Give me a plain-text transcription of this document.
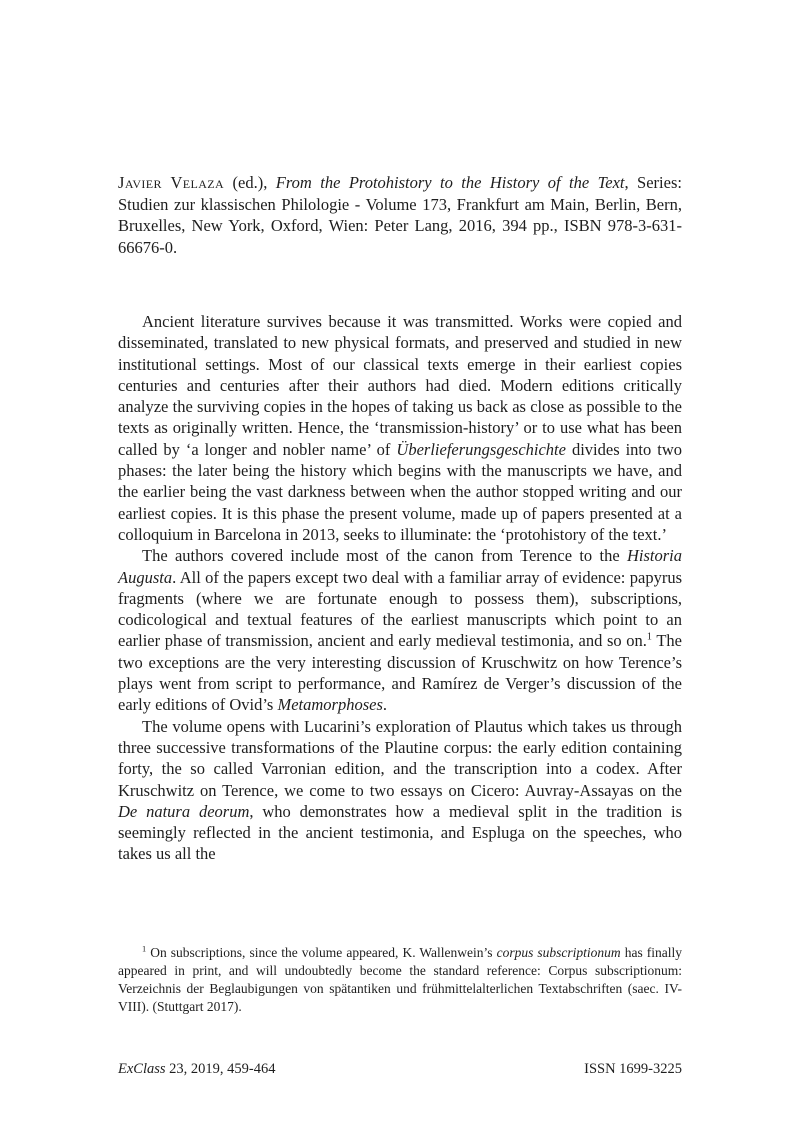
Javier Velaza (ed.), From the Protohistory to the History of the Text, Series: Studien zur klassischen Philologie - Volume 173, Frankfurt am Main, Berlin, Bern, Bruxelles, New York, Oxford, Wien: Peter Lang, 2016, 394 pp., ISBN 978-3-631-66676-0.

Ancient literature survives because it was transmitted. Works were copied and disseminated, translated to new physical formats, and preserved and studied in new institutional settings. Most of our classical texts emerge in their earliest copies centuries and centuries after their authors had died. Modern editions critically analyze the surviving copies in the hopes of taking us back as close as possible to the texts as originally written. Hence, the ‘transmission-history’ or to use what has been called by ‘a longer and nobler name’ of Überlieferungsgeschichte divides into two phases: the later being the history which begins with the manuscripts we have, and the earlier being the vast darkness between when the author stopped writing and our earliest copies. It is this phase the present volume, made up of papers presented at a colloquium in Barcelona in 2013, seeks to illuminate: the ‘protohistory of the text.’

The authors covered include most of the canon from Terence to the Historia Augusta. All of the papers except two deal with a familiar array of evidence: papyrus fragments (where we are fortunate enough to possess them), subscriptions, codicological and textual features of the earliest manuscripts which point to an earlier phase of transmission, ancient and early medieval testimonia, and so on.$^1$ The two exceptions are the very interesting discussion of Kruschwitz on how Terence’s plays went from script to performance, and Ramírez de Verger’s discussion of the early editions of Ovid’s Metamorphoses.

The volume opens with Lucarini’s exploration of Plautus which takes us through three successive transformations of the Plautine corpus: the early edition containing forty, the so called Varronian edition, and the transcription into a codex. After Kruschwitz on Terence, we come to two essays on Cicero: Auvray-Assayas on the De natura deorum, who demonstrates how a medieval split in the tradition is seemingly reflected in the ancient testimonia, and Espluga on the speeches, who takes us all the

$^1$ On subscriptions, since the volume appeared, K. Wallenwein’s corpus subscriptionum has finally appeared in print, and will undoubtedly become the standard reference: Corpus subscriptionum: Verzeichnis der Beglaubigungen von spätantiken und frühmittelalterlichen Textabschriften (saec. IV-VIII). (Stuttgart 2017).

ExClass 23, 2019, 459-464	ISSN 1699-3225
